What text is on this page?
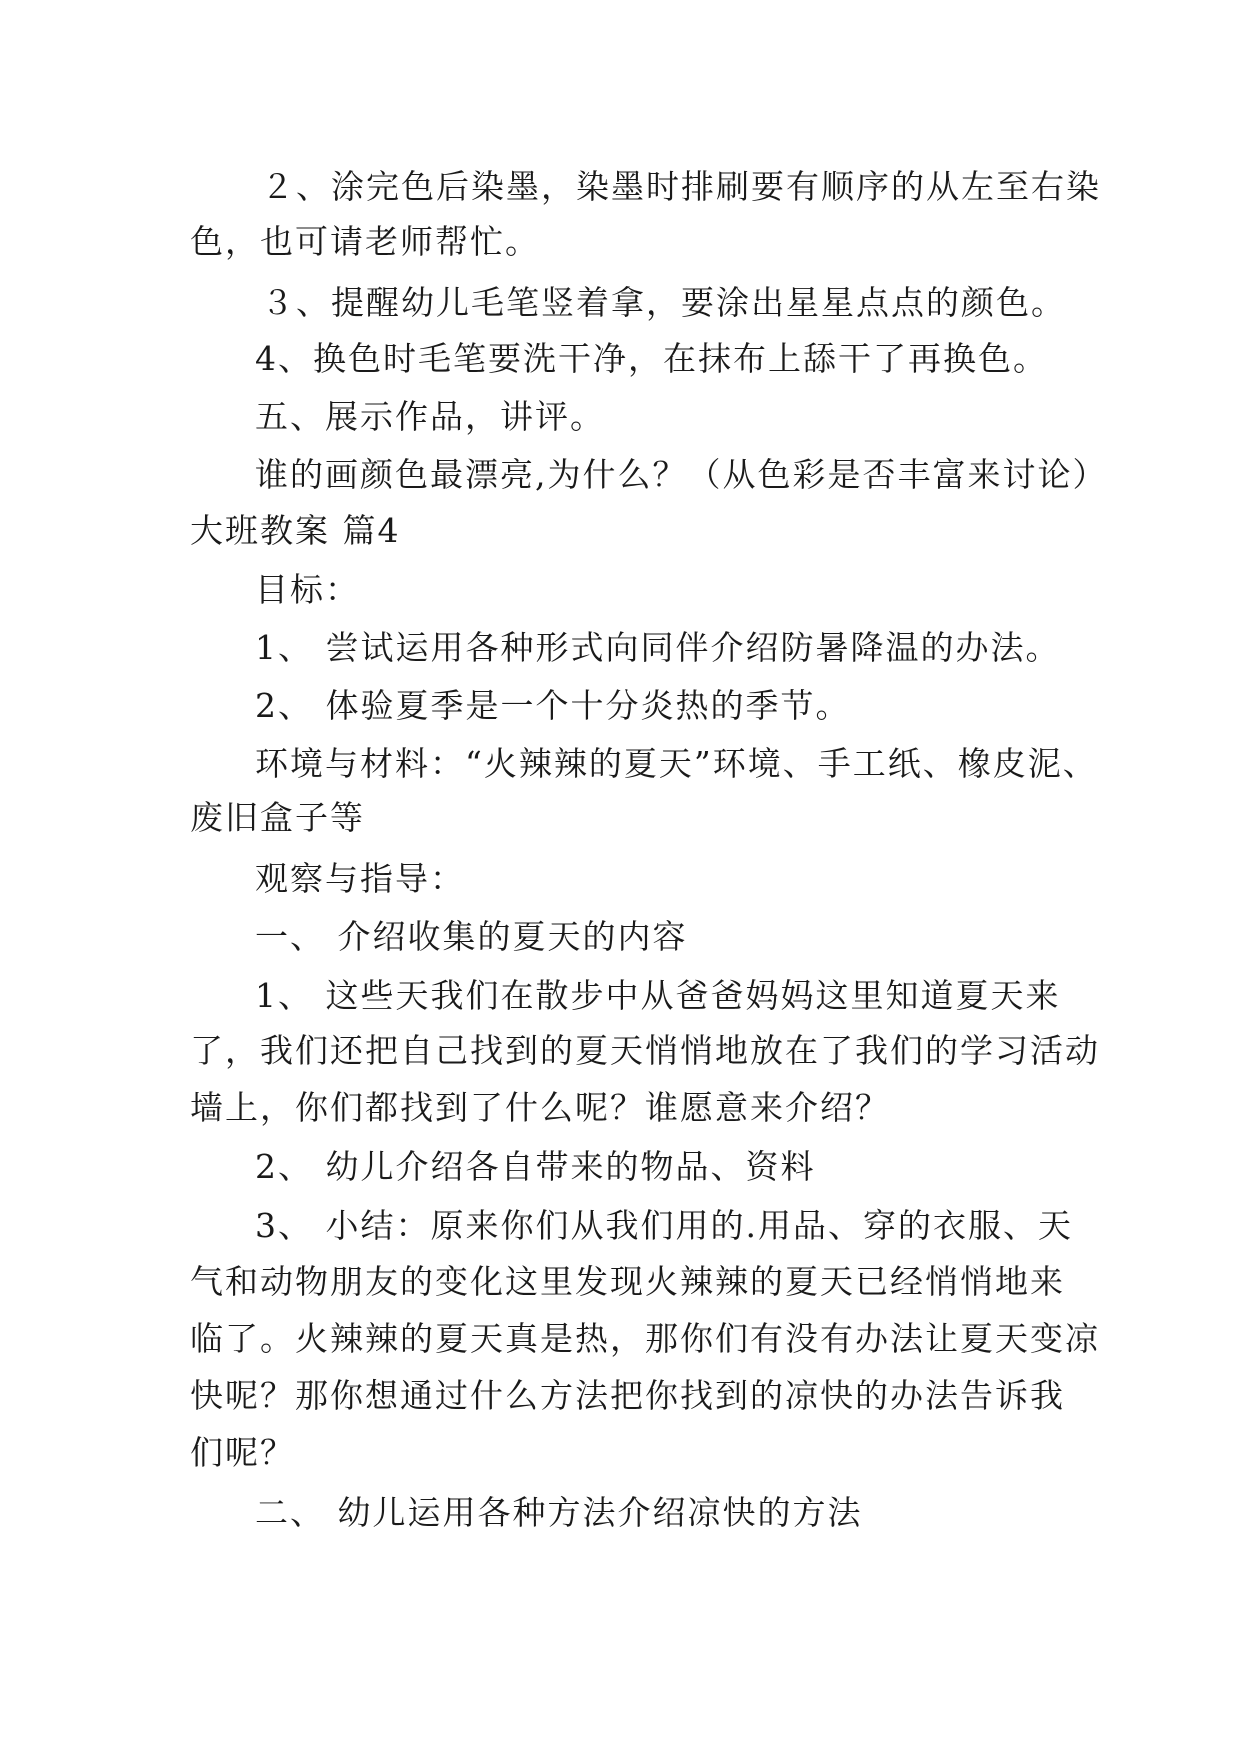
２、涂完色后染墨，染墨时排刷要有顺序的从左至右染
色，也可请老师帮忙。
３、提醒幼儿毛笔竖着拿，要涂出星星点点的颜色。
4、换色时毛笔要洗干净，在抹布上舔干了再换色。
五、展示作品，讲评。
谁的画颜色最漂亮,为什么？（从色彩是否丰富来讨论）
大班教案 篇4
目标：
1、 尝试运用各种形式向同伴介绍防暑降温的办法。
2、 体验夏季是一个十分炎热的季节。
环境与材料：“火辣辣的夏天”环境、手工纸、橡皮泥、
废旧盒子等
观察与指导：
一、 介绍收集的夏天的内容
1、 这些天我们在散步中从爸爸妈妈这里知道夏天来
了，我们还把自己找到的夏天悄悄地放在了我们的学习活动
墙上，你们都找到了什么呢？谁愿意来介绍？
2、 幼儿介绍各自带来的物品、资料
3、 小结：原来你们从我们用的.用品、穿的衣服、天
气和动物朋友的变化这里发现火辣辣的夏天已经悄悄地来
临了。火辣辣的夏天真是热，那你们有没有办法让夏天变凉
快呢？那你想通过什么方法把你找到的凉快的办法告诉我
们呢？
二、 幼儿运用各种方法介绍凉快的方法
